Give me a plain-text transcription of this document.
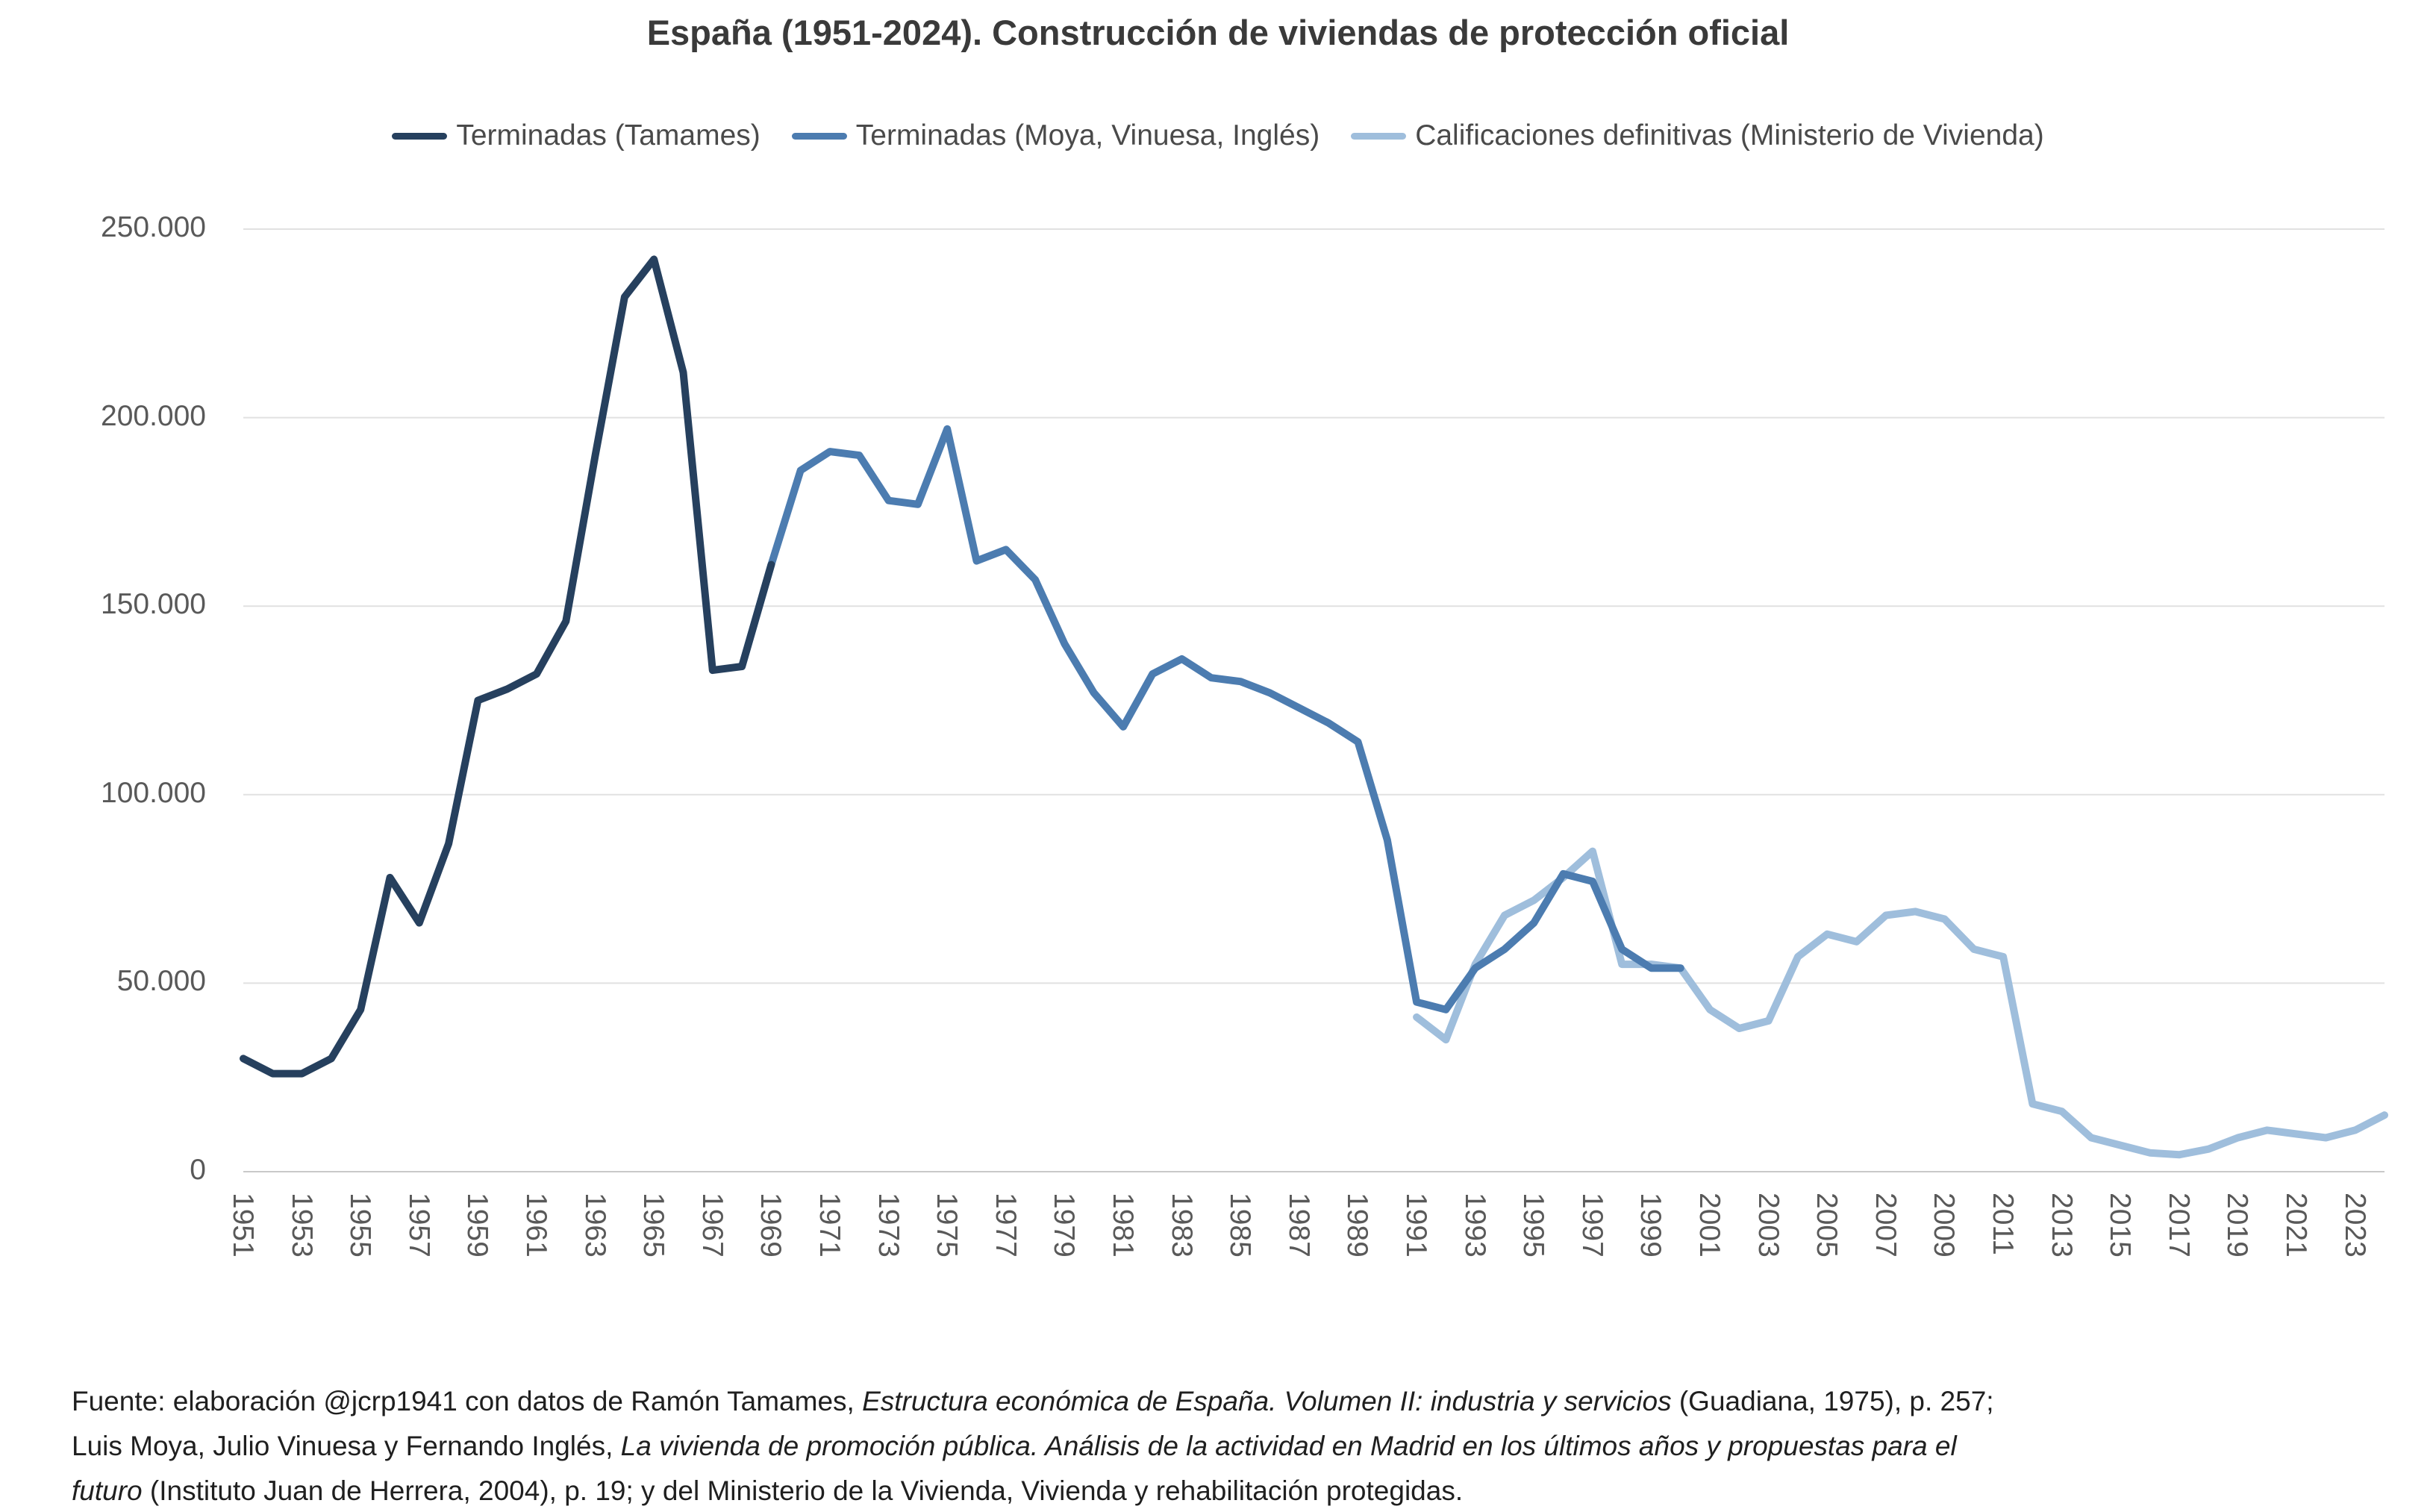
España (1951-2024). Construcción de viviendas de protección oficial
Terminadas (Tamames)	Terminadas (Moya, Vinuesa, Inglés)	Calificaciones definitivas (Ministerio de Vivienda)
Fuente: elaboración @jcrp1941 con datos de Ramón Tamames, Estructura económica de España. Volumen II: industria y servicios (Guadiana, 1975), p. 257;
Luis Moya, Julio Vinuesa y Fernando Inglés, La vivienda de promoción pública. Análisis de la actividad en Madrid en los últimos años y propuestas para el
futuro (Instituto Juan de Herrera, 2004), p. 19; y del Ministerio de la Vivienda, Vivienda y rehabilitación protegidas.
0
50.000
100.000
150.000
200.000
250.000
1951 1953 1955 1957 1959 1961 1963 1965 1967 1969 1971 1973 1975 1977 1979 1981 1983 1985 1987 1989 1991 1993 1995 1997 1999 2001 2003 2005 2007 2009 2011 2013 2015 2017 2019 2021 2023
